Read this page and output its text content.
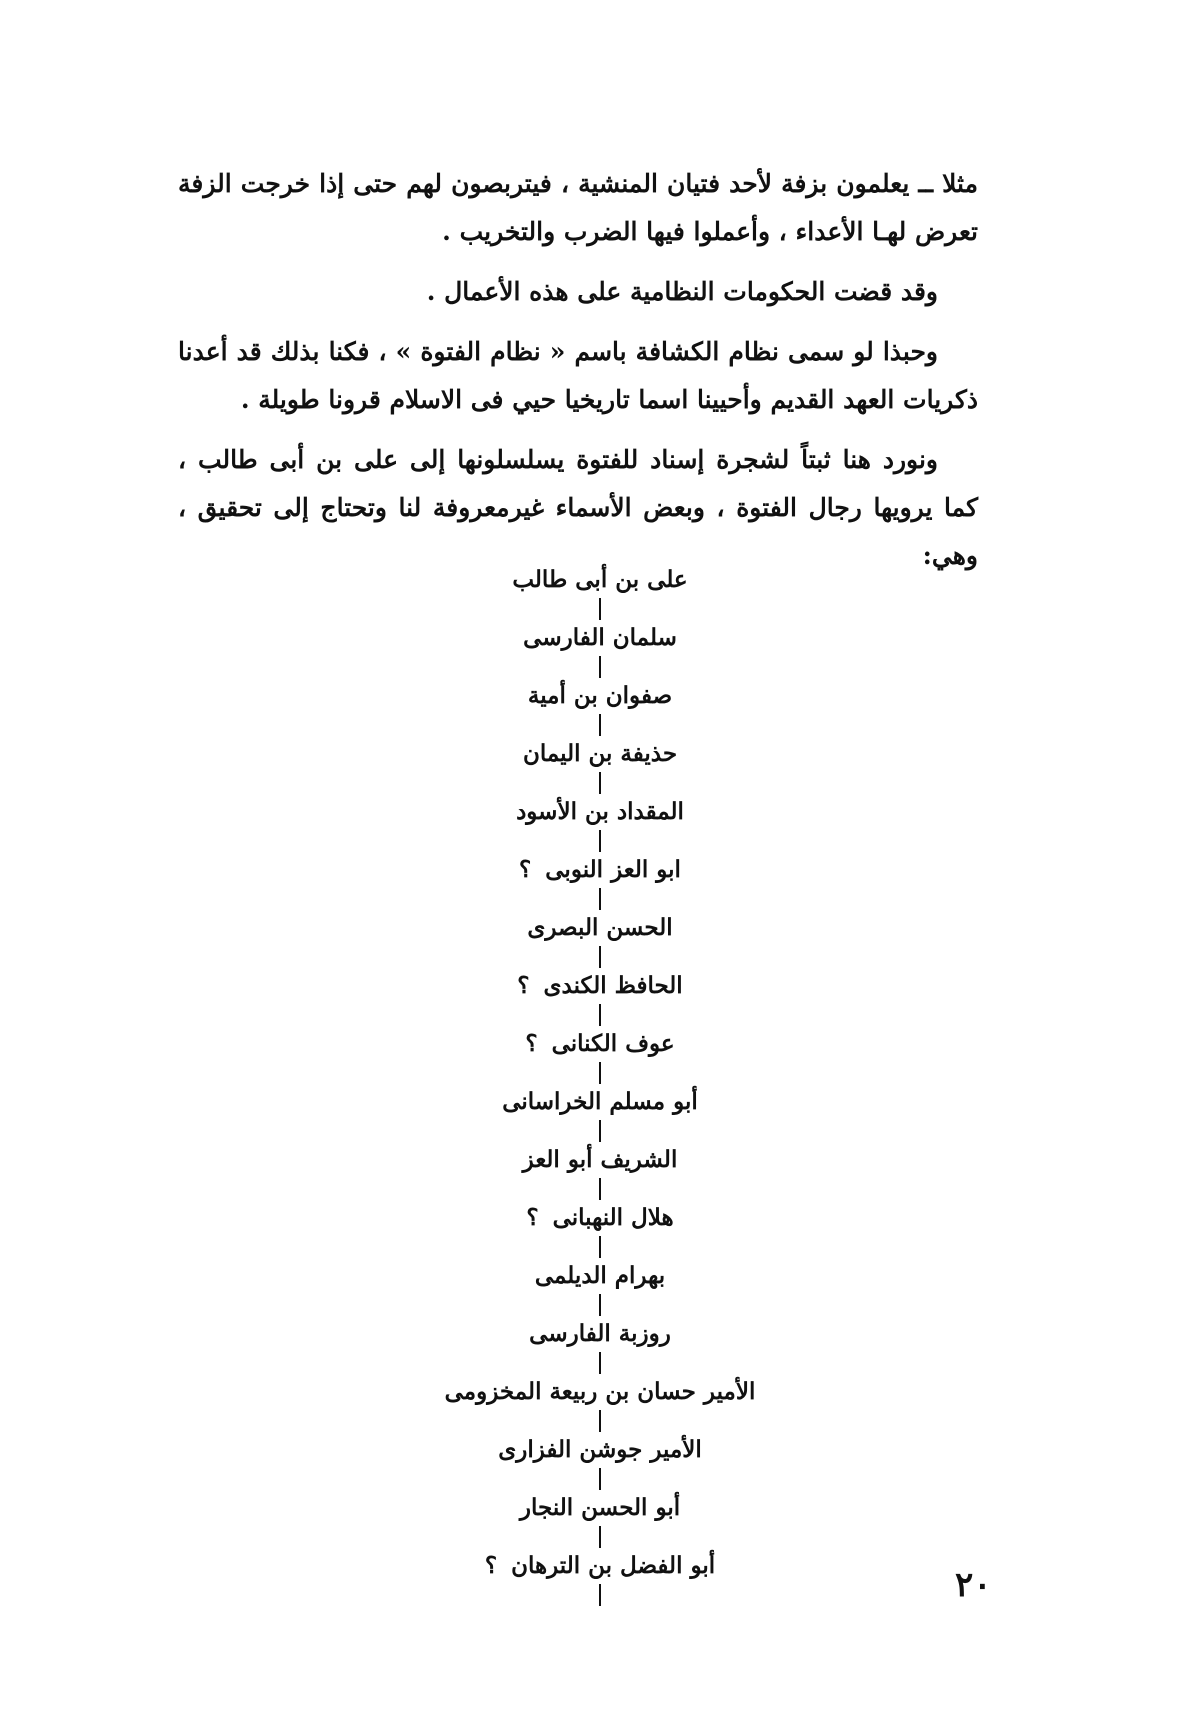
مثلا ــ يعلمون بزفة لأحد فتيان المنشية ، فيتربصون لهم حتى إذا خرجت الزفة تعرض لهـا الأعداء ، وأعملوا فيها الضرب والتخريب .

وقد قضت الحكومات النظامية على هذه الأعمال .

وحبذا لو سمى نظام الكشافة باسم « نظام الفتوة » ، فكنا بذلك قد أعدنا ذكريات العهد القديم وأحيينا اسما تاريخيا حيي فى الاسلام قرونا طويلة .

ونورد هنا ثبتاً لشجرة إسناد للفتوة يسلسلونها إلى على بن أبى طالب ، كما يرويها رجال الفتوة ، وبعض الأسماء غيرمعروفة لنا وتحتاج إلى تحقيق ، وهي:

على بن أبى طالب
سلمان الفارسى
صفوان بن أمية
حذيفة بن اليمان
المقداد بن الأسود
ابو العز النوبى؟
الحسن البصرى
الحافظ الكندى؟
عوف الكنانى؟
أبو مسلم الخراسانى
الشريف أبو العز
هلال النهبانى؟
بهرام الديلمى
روزبة الفارسى
الأمير حسان بن ربيعة المخزومى
الأمير جوشن الفزارى
أبو الحسن النجار
أبو الفضل بن الترهان؟	٢٠
